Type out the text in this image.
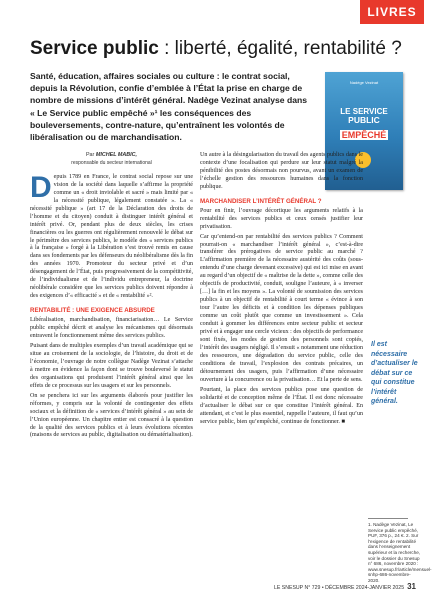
LIVRES
Service public : liberté, égalité, rentabilité ?

Santé, éducation, affaires sociales ou culture : le contrat social, depuis la Révolution, confie d’emblée à l’État la prise en charge de nombre de missions d’intérêt général. Nadège Vezinat analyse dans « Le Service public empêché »¹ les conséquences des bouleversements, contre-nature, qu’entraînent les volontés de libéralisation ou de marchandisation.

Nadège Vezinat
LE SERVICE
PUBLIC
EMPÊCHÉ

Par MICHEL MABIC,
responsable du secteur international

Depuis 1789 en France, le contrat social repose sur une vision de la société dans laquelle s’affirme la propriété comme un « droit inviolable et sacré » mais limité par « la nécessité publique, légalement constatée ». La « nécessité publique » (art 17 de la Déclaration des droits de l’homme et du citoyen) conduit à distinguer intérêt général et intérêt privé. Or, pendant plus de deux siècles, les crises financières ou les guerres ont régulièrement renouvelé le débat sur le périmètre des services publics, le modèle des « services publics à la française » forgé à la Libération s’est trouvé remis en cause dans ses fondements par les défenseurs du néolibéralisme dès la fin des années 1970. Promoteur du secteur privé et d’un désengagement de l’État, puis progressivement de la compétitivité, de l’individualisme et de l’individu entrepreneur, la doctrine néolibérale considère que les services publics doivent répondre à des exigences d’« efficacité » et de « rentabilité »².

RENTABILITÉ : UNE EXIGENCE ABSURDE

Libéralisation, marchandisation, financiarisation… Le Service public empêché décrit et analyse les mécanismes qui désormais entravent le fonctionnement même des services publics.

Puisant dans de multiples exemples d’un travail académique qui se situe au croisement de la sociologie, de l’histoire, du droit et de l’économie, l’ouvrage de notre collègue Nadège Vezinat s’attache à mettre en évidence la façon dont se trouve bouleversé le statut des organisations qui produisent l’intérêt général ainsi que les effets de ce processus sur les usagers et sur les personnels.

On se penchera ici sur les arguments élaborés pour justifier les réformes, y compris sur la volonté de contingenter des effets sociaux et la définition de « services d’intérêt général » au sein de l’Union européenne. Un chapitre entier est consacré à la question de la qualité des services publics et à leurs évolutions récentes (maisons de services au public, digitalisation ou dématérialisation).

Un autre à la désingularisation du travail des agents publics dans le contexte d’une focalisation qui perdure sur leur statut malgré la pénibilité des postes désormais non pourvus, avant un examen de l’échelle gestion des ressources humaines dans la fonction publique.

MARCHANDISER L’INTÉRÊT GÉNÉRAL ?

Pour en finir, l’ouvrage décortique les arguments relatifs à la rentabilité des services publics et ceux censés justifier leur privatisation.

Car qu’entend-on par rentabilité des services publics ? Comment pourrait-on « marchandiser l’intérêt général », c’est-à-dire transférer des prérogatives de service public au marché ? L’affirmation première de la nécessaire austérité des coûts (sous-entendu d’une charge devenant excessive) qui est ici mise en avant au regard d’un objectif de « maîtrise de la dette », comme celle des objectifs de productivité, conduit, souligne l’auteure, à « inverser […] la fin et les moyens ». La volonté de soumission des services publics à un objectif de rentabilité à court terme « évince à son tour l’autre les déficits et à condition les dépenses publiques comme un coût plutôt que comme un investissement ». Cela conduit à gommer les différences entre secteur public et secteur privé et à engager une cercle vicieux : des objectifs de performance sont fixés, les modes de gestion des personnels sont copiés, l’intérêt des usagers négligé. Il s’ensuit « notamment une réduction des ressources, une dégradation du service public, celle des conditions de travail, l’explosion des contrats précaires, un détournement des usagers, puis l’affirmation d’une nécessaire ouverture à la concurrence ou la privatisation… Et la perte de sens.

Pourtant, la place des services publics pose une question de solidarité et de conception même de l’État. Il est donc nécessaire d’actualiser le débat sur ce que constitue l’intérêt général. En attendant, et c’est le plus essentiel, rappelle l’auteure, il faut qu’un service public, bien qu’empêché, continue de fonctionner. ■

Il est nécessaire d’actualiser le débat sur ce qui constitue l’intérêt général.

1. Nadège Vezinat, Le Service public empêché, PUF, 376 p., 24 €. 2. Sur l’exigence de rentabilité dans l’enseignement supérieur et la recherche, voir le dossier du Snesup n° 686, novembre 2020 : www.snesup.fr/article/mensuel-snhp-686-novembre-2020.

LE SNESUP N° 729 • DÉCEMBRE 2024-JANVIER 2025 31
